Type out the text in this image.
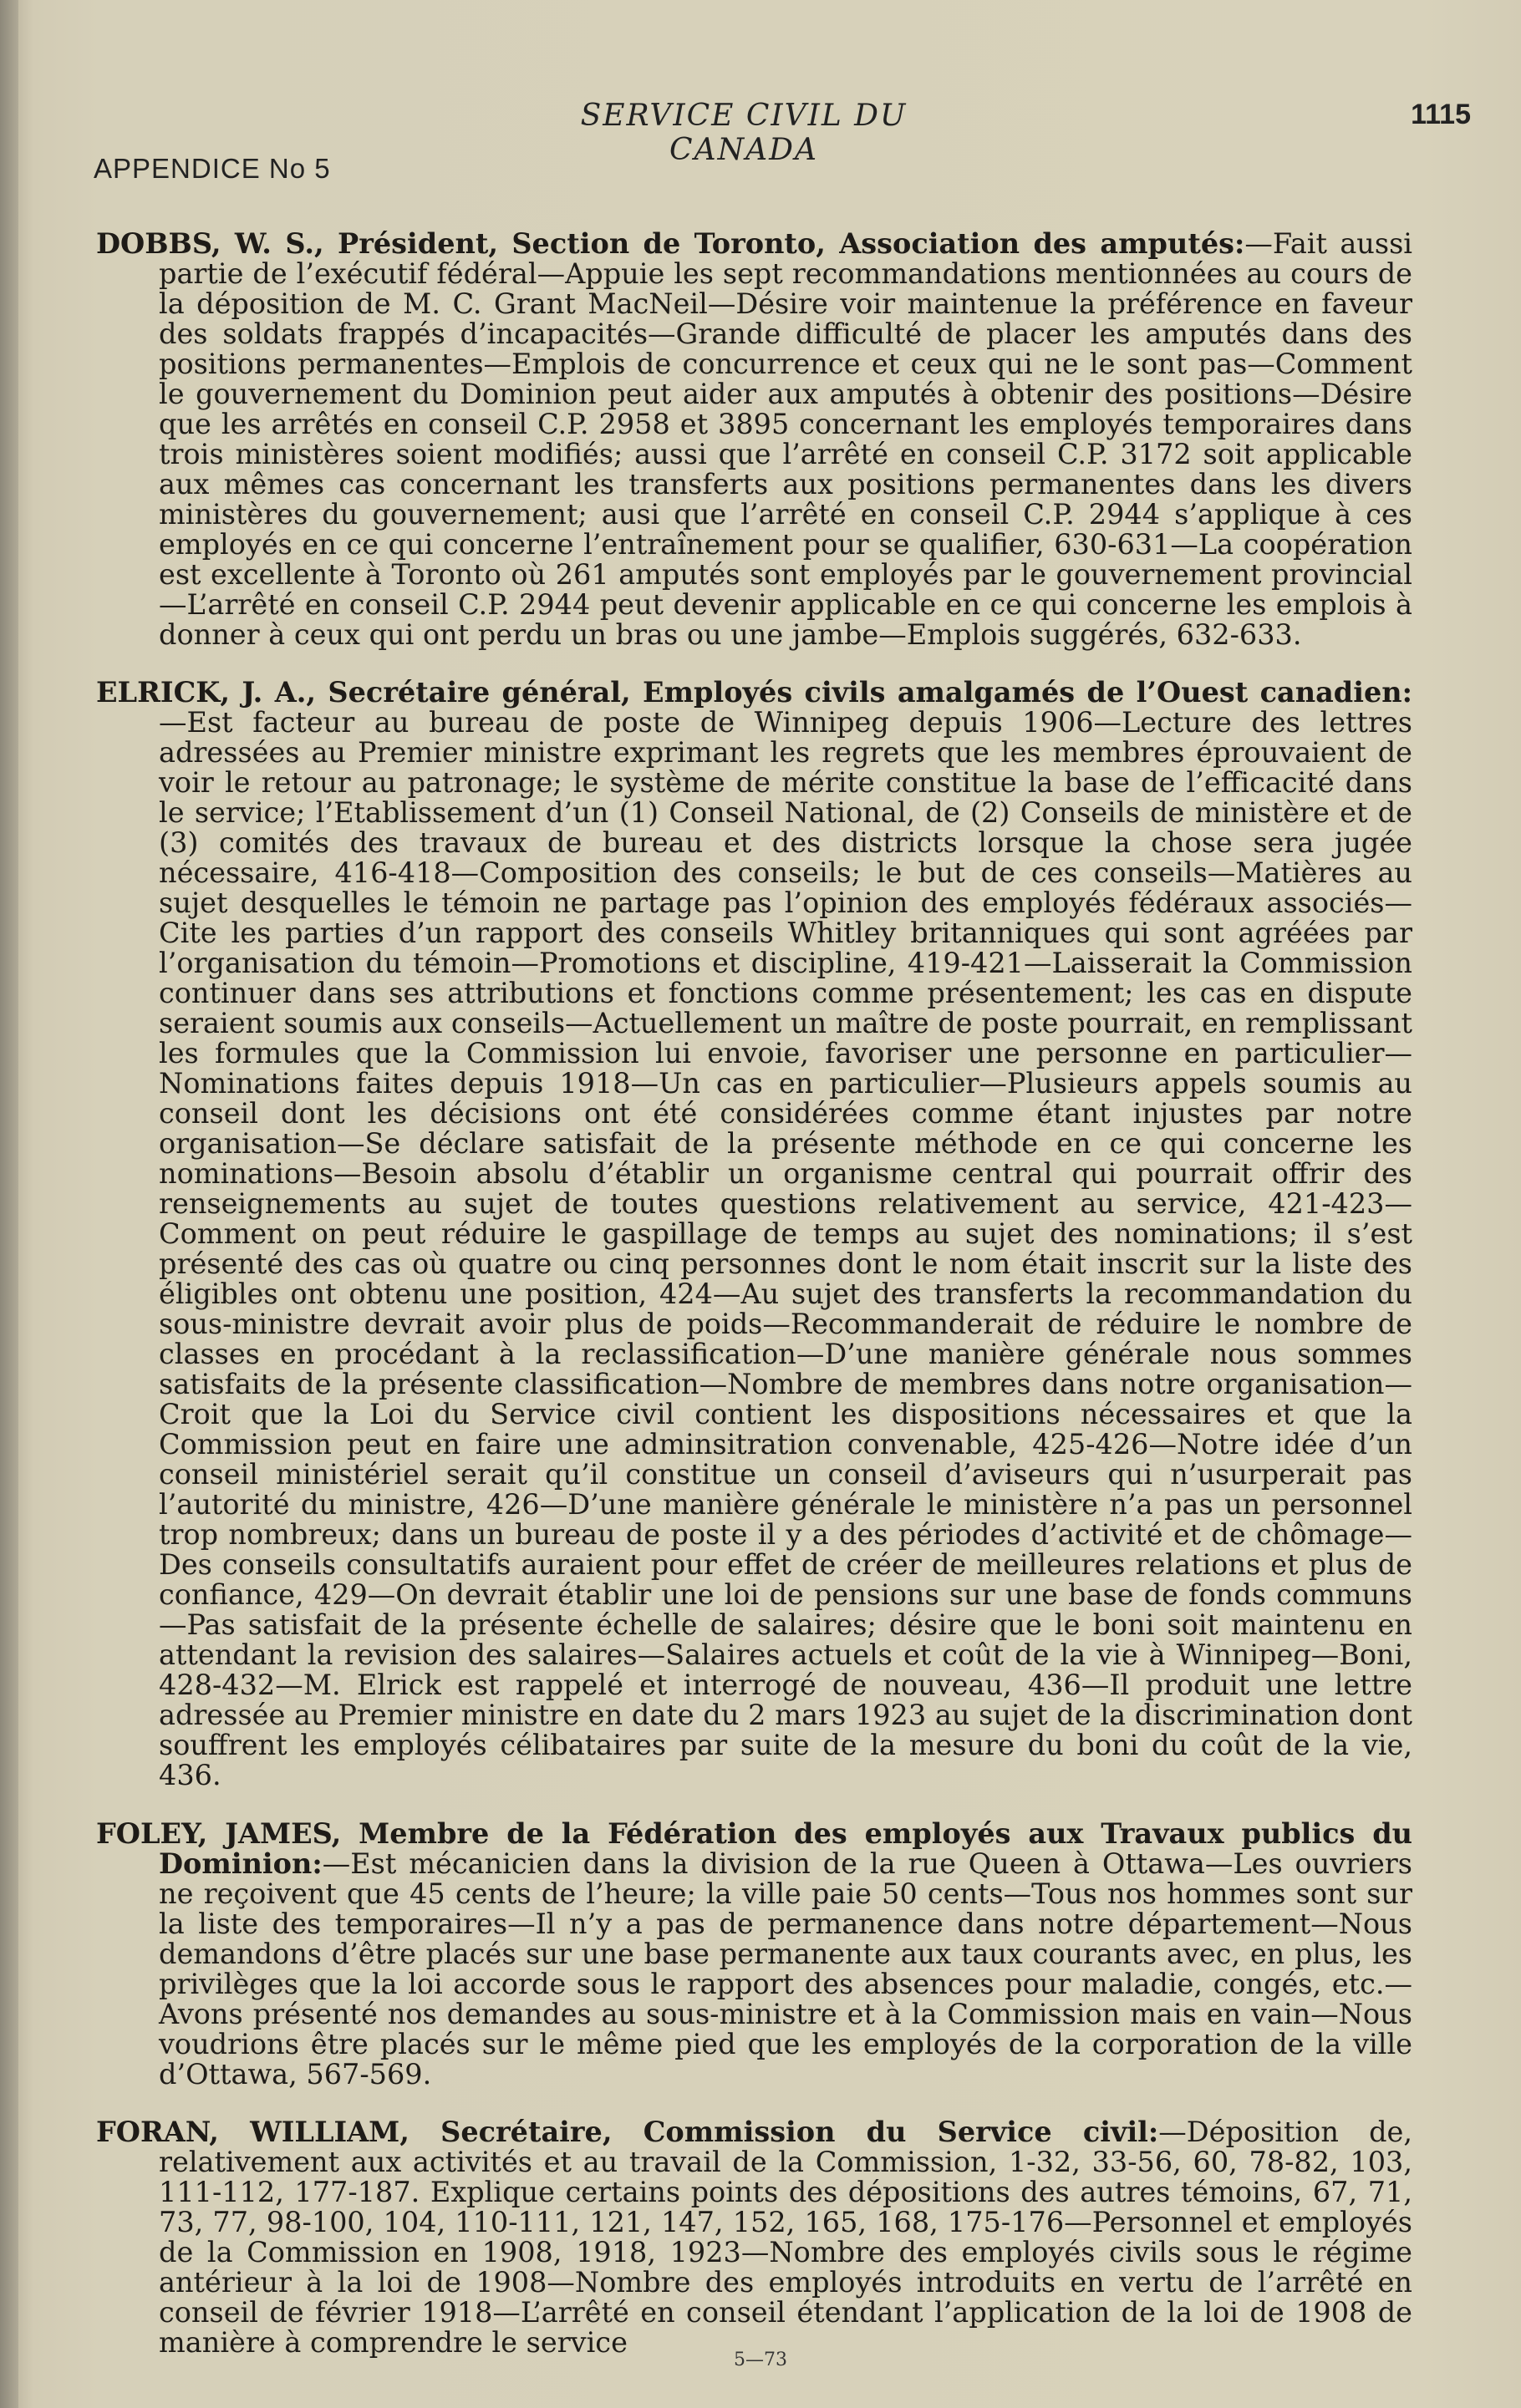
SERVICE CIVIL DU CANADA
1115
APPENDICE No 5

DOBBS, W. S., Président, Section de Toronto, Association des amputés:—Fait aussi partie de l’exécutif fédéral—Appuie les sept recommandations mentionnées au cours de la déposition de M. C. Grant MacNeil—Désire voir maintenue la préférence en faveur des soldats frappés d’incapacités—Grande difficulté de placer les amputés dans des positions permanentes—Emplois de concurrence et ceux qui ne le sont pas—Comment le gouvernement du Dominion peut aider aux amputés à obtenir des positions—Désire que les arrêtés en conseil C.P. 2958 et 3895 concernant les employés temporaires dans trois ministères soient modifiés; aussi que l’arrêté en conseil C.P. 3172 soit applicable aux mêmes cas concernant les transferts aux positions permanentes dans les divers ministères du gouvernement; ausi que l’arrêté en conseil C.P. 2944 s’applique à ces employés en ce qui concerne l’entraînement pour se qualifier, 630-631—La coopération est excellente à Toronto où 261 amputés sont employés par le gouvernement provincial—L’arrêté en conseil C.P. 2944 peut devenir applicable en ce qui concerne les emplois à donner à ceux qui ont perdu un bras ou une jambe—Emplois suggérés, 632-633.

ELRICK, J. A., Secrétaire général, Employés civils amalgamés de l’Ouest canadien:—Est facteur au bureau de poste de Winnipeg depuis 1906—Lecture des lettres adressées au Premier ministre exprimant les regrets que les membres éprouvaient de voir le retour au patronage; le système de mérite constitue la base de l’efficacité dans le service; l’Etablissement d’un (1) Conseil National, de (2) Conseils de ministère et de (3) comités des travaux de bureau et des districts lorsque la chose sera jugée nécessaire, 416-418—Composition des conseils; le but de ces conseils—Matières au sujet desquelles le témoin ne partage pas l’opinion des employés fédéraux associés—Cite les parties d’un rapport des conseils Whitley britanniques qui sont agréées par l’organisation du témoin—Promotions et discipline, 419-421—Laisserait la Commission continuer dans ses attributions et fonctions comme présentement; les cas en dispute seraient soumis aux conseils—Actuellement un maître de poste pourrait, en remplissant les formules que la Commission lui envoie, favoriser une personne en particulier—Nominations faites depuis 1918—Un cas en particulier—Plusieurs appels soumis au conseil dont les décisions ont été considérées comme étant injustes par notre organisation—Se déclare satisfait de la présente méthode en ce qui concerne les nominations—Besoin absolu d’établir un organisme central qui pourrait offrir des renseignements au sujet de toutes questions relativement au service, 421-423—Comment on peut réduire le gaspillage de temps au sujet des nominations; il s’est présenté des cas où quatre ou cinq personnes dont le nom était inscrit sur la liste des éligibles ont obtenu une position, 424—Au sujet des transferts la recommandation du sous-ministre devrait avoir plus de poids—Recommanderait de réduire le nombre de classes en procédant à la reclassification—D’une manière générale nous sommes satisfaits de la présente classification—Nombre de membres dans notre organisation—Croit que la Loi du Service civil contient les dispositions nécessaires et que la Commission peut en faire une adminsitration convenable, 425-426—Notre idée d’un conseil ministériel serait qu’il constitue un conseil d’aviseurs qui n’usurperait pas l’autorité du ministre, 426—D’une manière générale le ministère n’a pas un personnel trop nombreux; dans un bureau de poste il y a des périodes d’activité et de chômage—Des conseils consultatifs auraient pour effet de créer de meilleures relations et plus de confiance, 429—On devrait établir une loi de pensions sur une base de fonds communs—Pas satisfait de la présente échelle de salaires; désire que le boni soit maintenu en attendant la revision des salaires—Salaires actuels et coût de la vie à Winnipeg—Boni, 428-432—M. Elrick est rappelé et interrogé de nouveau, 436—Il produit une lettre adressée au Premier ministre en date du 2 mars 1923 au sujet de la discrimination dont souffrent les employés célibataires par suite de la mesure du boni du coût de la vie, 436.

FOLEY, JAMES, Membre de la Fédération des employés aux Travaux publics du Dominion:—Est mécanicien dans la division de la rue Queen à Ottawa—Les ouvriers ne reçoivent que 45 cents de l’heure; la ville paie 50 cents—Tous nos hommes sont sur la liste des temporaires—Il n’y a pas de permanence dans notre département—Nous demandons d’être placés sur une base permanente aux taux courants avec, en plus, les privilèges que la loi accorde sous le rapport des absences pour maladie, congés, etc.—Avons présenté nos demandes au sous-ministre et à la Commission mais en vain—Nous voudrions être placés sur le même pied que les employés de la corporation de la ville d’Ottawa, 567-569.

FORAN, WILLIAM, Secrétaire, Commission du Service civil:—Déposition de, relativement aux activités et au travail de la Commission, 1-32, 33-56, 60, 78-82, 103, 111-112, 177-187. Explique certains points des dépositions des autres témoins, 67, 71, 73, 77, 98-100, 104, 110-111, 121, 147, 152, 165, 168, 175-176—Personnel et employés de la Commission en 1908, 1918, 1923—Nombre des employés civils sous le régime antérieur à la loi de 1908—Nombre des employés introduits en vertu de l’arrêté en conseil de février 1918—L’arrêté en conseil étendant l’application de la loi de 1908 de manière à comprendre le service

5—73
